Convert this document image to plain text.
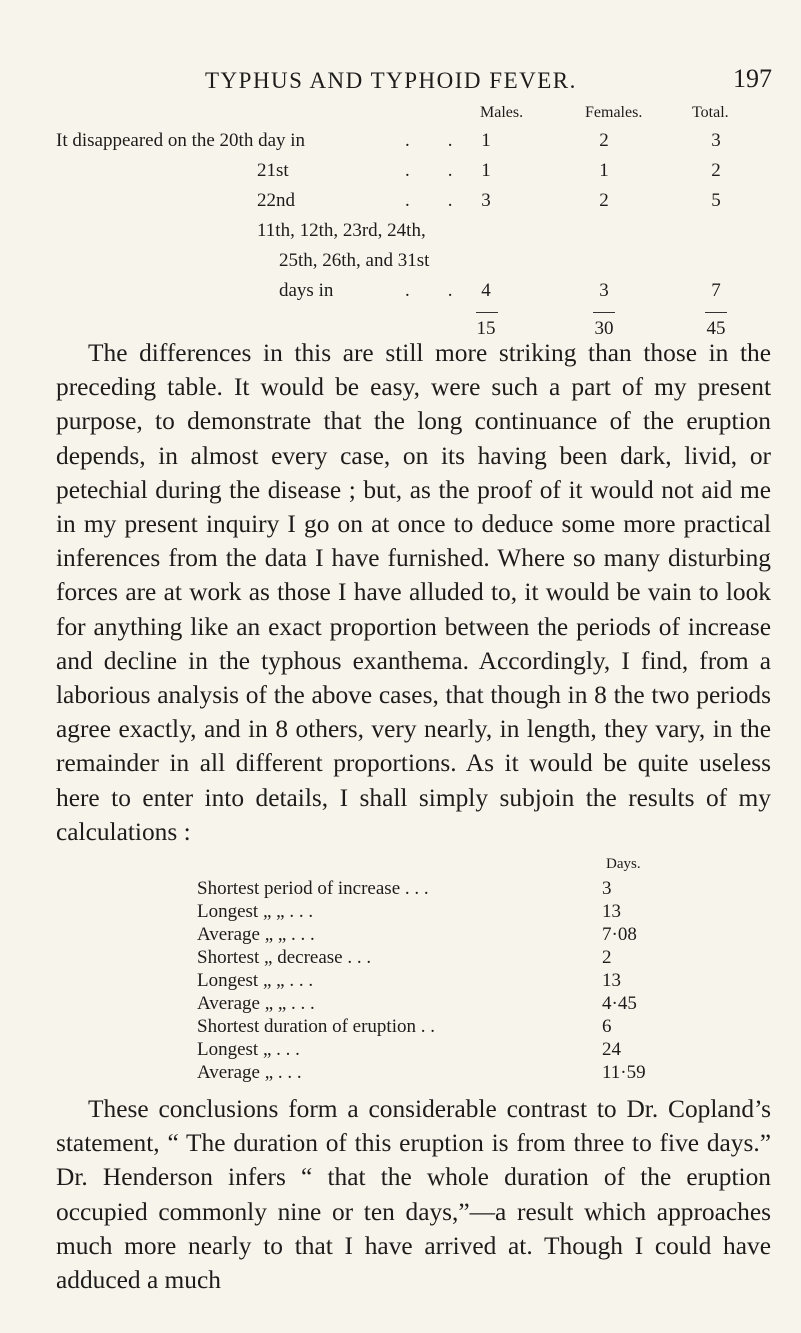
TYPHUS AND TYPHOID FEVER.	197
Males.	Females.	Total.
It disappeared on the 20th day in	.        .	1	2	3
21st	.        .	1	1	2
22nd	.        .	3	2	5
11th, 12th, 23rd, 24th,
25th, 26th, and 31st
days in	.        .	4	3	7
15	30	45

The differences in this are still more striking than those in the preceding table. It would be easy, were such a part of my present purpose, to demonstrate that the long continuance of the eruption depends, in almost every case, on its having been dark, livid, or petechial during the disease ; but, as the proof of it would not aid me in my present inquiry I go on at once to deduce some more practical inferences from the data I have furnished. Where so many disturbing forces are at work as those I have alluded to, it would be vain to look for anything like an exact proportion between the periods of increase and decline in the typhous exanthema. Accordingly, I find, from a laborious analysis of the above cases, that though in 8 the two periods agree exactly, and in 8 others, very nearly, in length, they vary, in the remainder in all different proportions. As it would be quite useless here to enter into details, I shall simply subjoin the results of my calculations :

Days.
Shortest period of increase . . .	3
Longest „ „ . . .	13
Average „ „ . . .	7·08
Shortest „ decrease . . .	2
Longest „ „ . . .	13
Average „ „ . . .	4·45
Shortest duration of eruption . .	6
Longest „ . . .	24
Average „ . . .	11·59

These conclusions form a considerable contrast to Dr. Copland’s statement, “ The duration of this eruption is from three to five days.” Dr. Henderson infers “ that the whole duration of the eruption occupied commonly nine or ten days,”—a result which approaches much more nearly to that I have arrived at. Though I could have adduced a much
